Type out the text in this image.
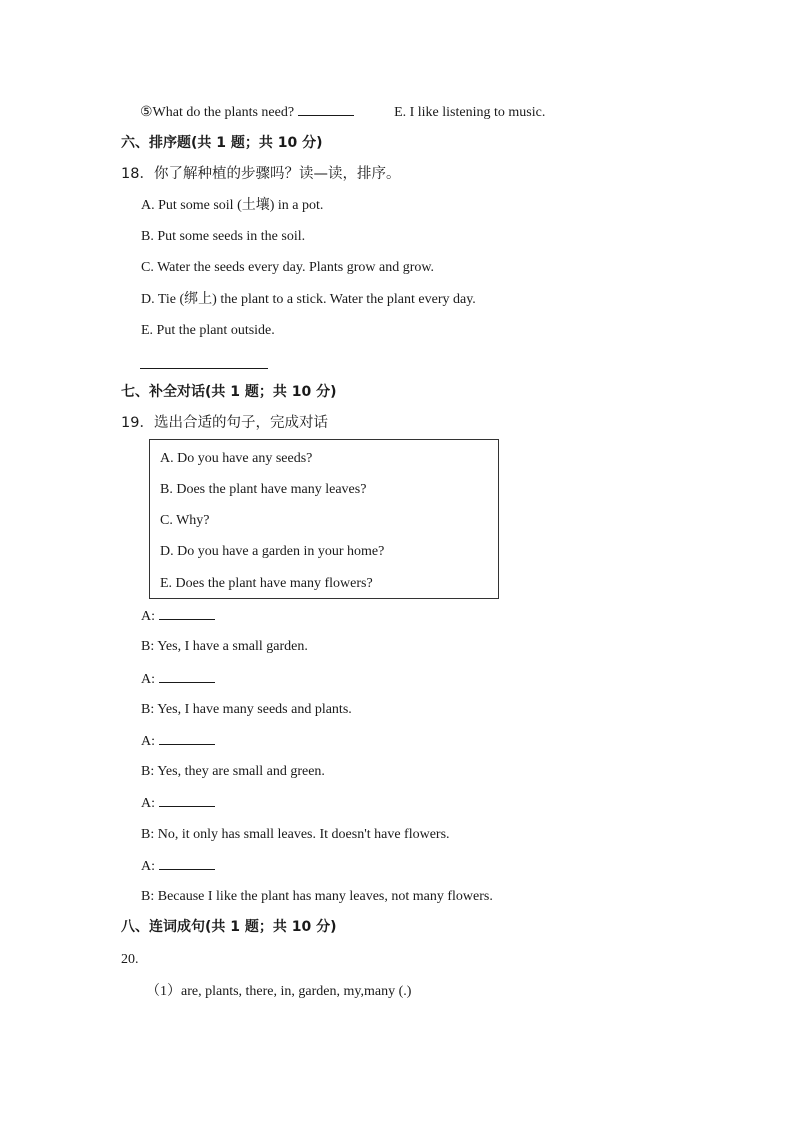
⑤What do the plants need?	E. I like listening to music.
六、排序题(共 1 题；共 10 分)
18．你了解种植的步骤吗？读—读，排序。
A. Put some soil (土壤) in a pot.
B. Put some seeds in the soil.
C. Water the seeds every day. Plants grow and grow.
D. Tie (绑上) the plant to a stick. Water the plant every day.
E. Put the plant outside.
七、补全对话(共 1 题；共 10 分)
19．选出合适的句子，完成对话
A. Do you have any seeds?
B. Does the plant have many leaves?
C. Why?
D. Do you have a garden in your home?
E. Does the plant have many flowers?
A:
B: Yes, I have a small garden.
A:
B: Yes, I have many seeds and plants.
A:
B: Yes, they are small and green.
A:
B: No, it only has small leaves. It doesn't have flowers.
A:
B: Because I like the plant has many leaves, not many flowers.
八、连词成句(共 1 题；共 10 分)
20.
（1）are, plants, there, in, garden, my,many (.)
